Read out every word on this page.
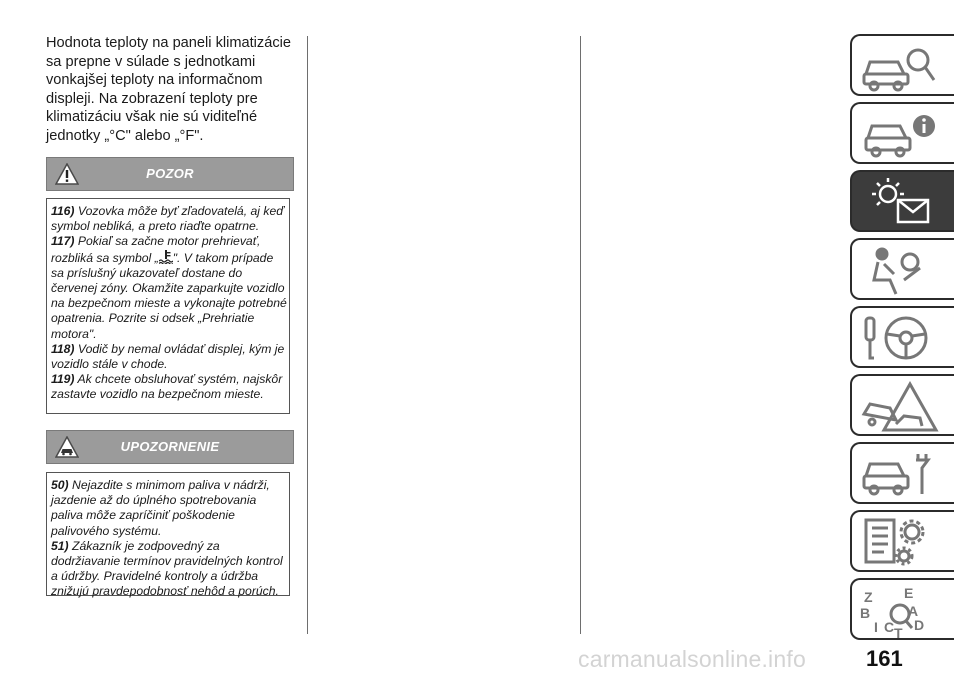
Hodnota teploty na paneli klimatizácie sa prepne v súlade s jednotkami vonkajšej teploty na informačnom displeji. Na zobrazení teploty pre klimatizáciu však nie sú viditeľné jednotky „°C" alebo „°F".

POZOR

116) Vozovka môže byť zľadovatelá, aj keď symbol nebliká, a preto riaďte opatrne.

117) Pokiaľ sa začne motor prehrievať, rozbliká sa symbol „ ". V takom prípade sa príslušný ukazovateľ dostane do červenej zóny. Okamžite zaparkujte vozidlo na bezpečnom mieste a vykonajte potrebné opatrenia. Pozrite si odsek „Prehriatie motora".

118) Vodič by nemal ovládať displej, kým je vozidlo stále v chode.

119) Ak chcete obsluhovať systém, najskôr zastavte vozidlo na bezpečnom mieste.

UPOZORNENIE

50) Nejazdite s minimom paliva v nádrži, jazdenie až do úplného spotrebovania paliva môže zapríčiniť poškodenie palivového systému.

51) Zákazník je zodpovedný za dodržiavanie termínov pravidelných kontrol a údržby. Pravidelné kontroly a údržba znižujú pravdepodobnosť nehôd a porúch.	Z E
B	A
D
I C T
161
carmanualsonline.info
